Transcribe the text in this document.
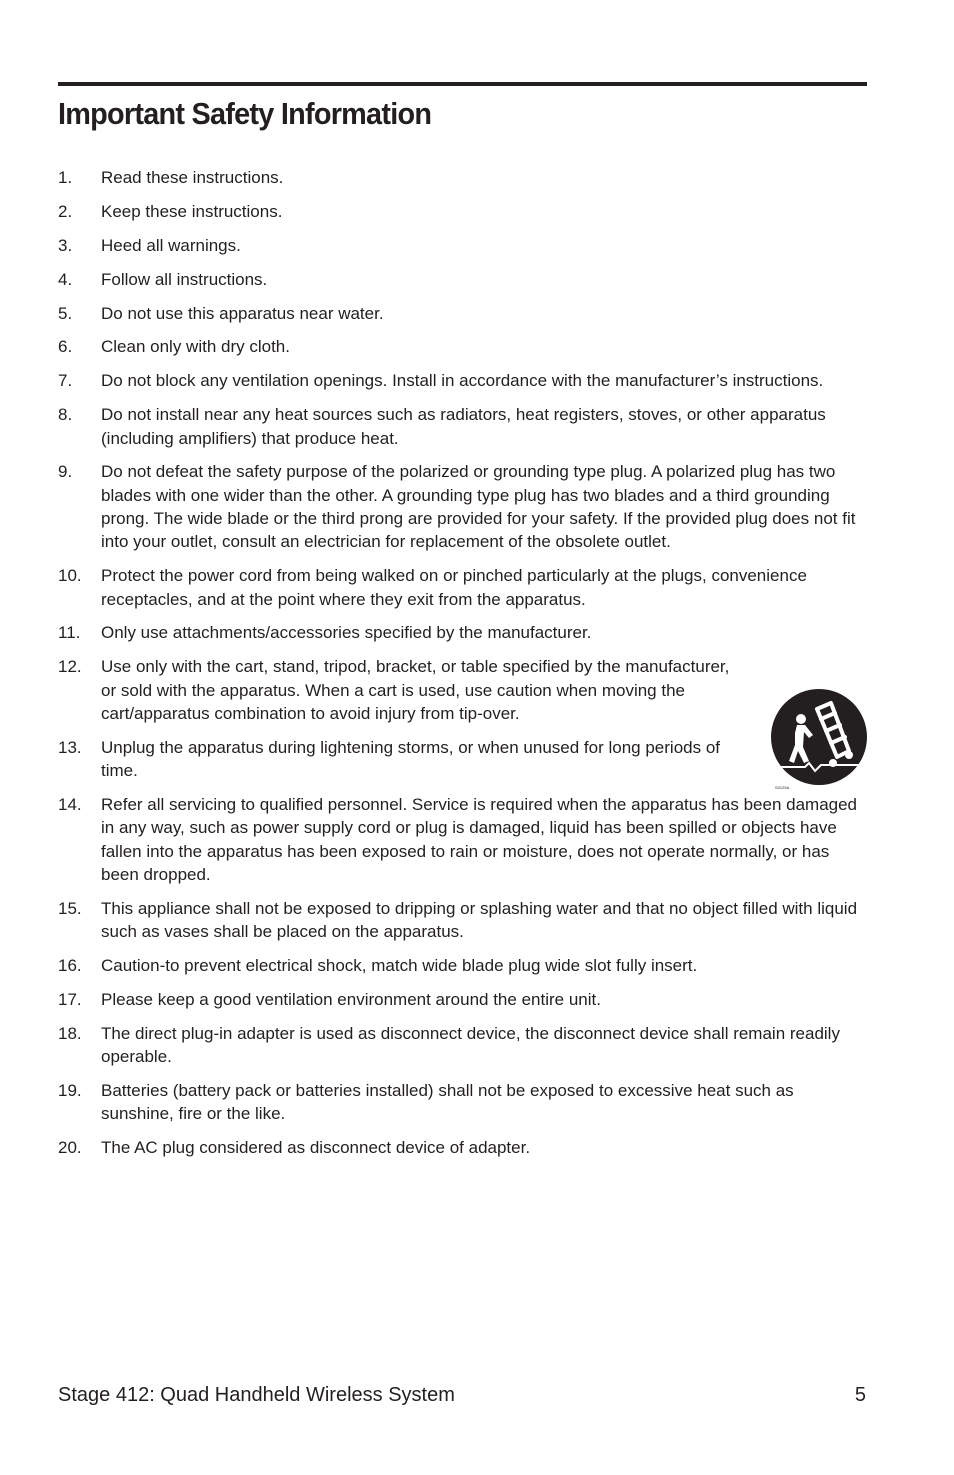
Important Safety Information
1. Read these instructions.
2. Keep these instructions.
3. Heed all warnings.
4. Follow all instructions.
5. Do not use this apparatus near water.
6. Clean only with dry cloth.
7. Do not block any ventilation openings. Install in accordance with the manufacturer’s instructions.
8. Do not install near any heat sources such as radiators, heat registers, stoves, or other apparatus (including amplifiers) that produce heat.
9. Do not defeat the safety purpose of the polarized or grounding type plug. A polarized plug has two blades with one wider than the other. A grounding type plug has two blades and a third grounding prong. The wide blade or the third prong are provided for your safety. If the provided plug does not fit into your outlet, consult an electrician for replacement of the obsolete outlet.
10. Protect the power cord from being walked on or pinched particularly at the plugs, convenience receptacles, and at the point where they exit from the apparatus.
11. Only use attachments/accessories specified by the manufacturer.
12. Use only with the cart, stand, tripod, bracket, or table specified by the manufacturer, or sold with the apparatus. When a cart is used, use caution when moving the cart/apparatus combination to avoid injury from tip-over.
13. Unplug the apparatus during lightening storms, or when unused for long periods of time.
14. Refer all servicing to qualified personnel. Service is required when the apparatus has been damaged in any way, such as power supply cord or plug is damaged, liquid has been spilled or objects have fallen into the apparatus has been exposed to rain or moisture, does not operate normally, or has been dropped.
15. This appliance shall not be exposed to dripping or splashing water and that no object filled with liquid such as vases shall be placed on the apparatus.
16. Caution-to prevent electrical shock, match wide blade plug wide slot fully insert.
17. Please keep a good ventilation environment around the entire unit.
18. The direct plug-in adapter is used as disconnect device, the disconnect device shall remain readily operable.
19. Batteries (battery pack or batteries installed) shall not be exposed to excessive heat such as sunshine, fire or the like.
20. The AC plug considered as disconnect device of adapter.
S3125A
Stage 412: Quad Handheld Wireless System	5
